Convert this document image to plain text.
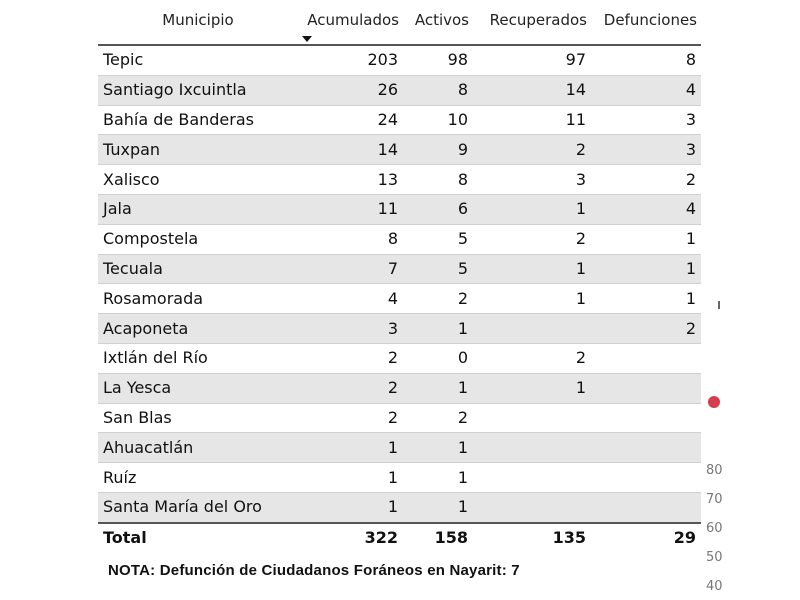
Municipio	Acumulados	Activos	Recuperados	Defunciones
Tepic	203	98	97	8
Santiago Ixcuintla	26	8	14	4
Bahía de Banderas	24	10	11	3
Tuxpan	14	9	2	3
Xalisco	13	8	3	2
Jala	11	6	1	4
Compostela	8	5	2	1
Tecuala	7	5	1	1
Rosamorada	4	2	1	1
Acaponeta	3	1		2
Ixtlán del Río	2	0	2	
La Yesca	2	1	1	
San Blas	2	2		
Ahuacatlán	1	1		
Ruíz	1	1		
Santa María del Oro	1	1		
Total	322	158	135	29
NOTA: Defunción de Ciudadanos Foráneos en Nayarit: 7
80
70
60
50
40
